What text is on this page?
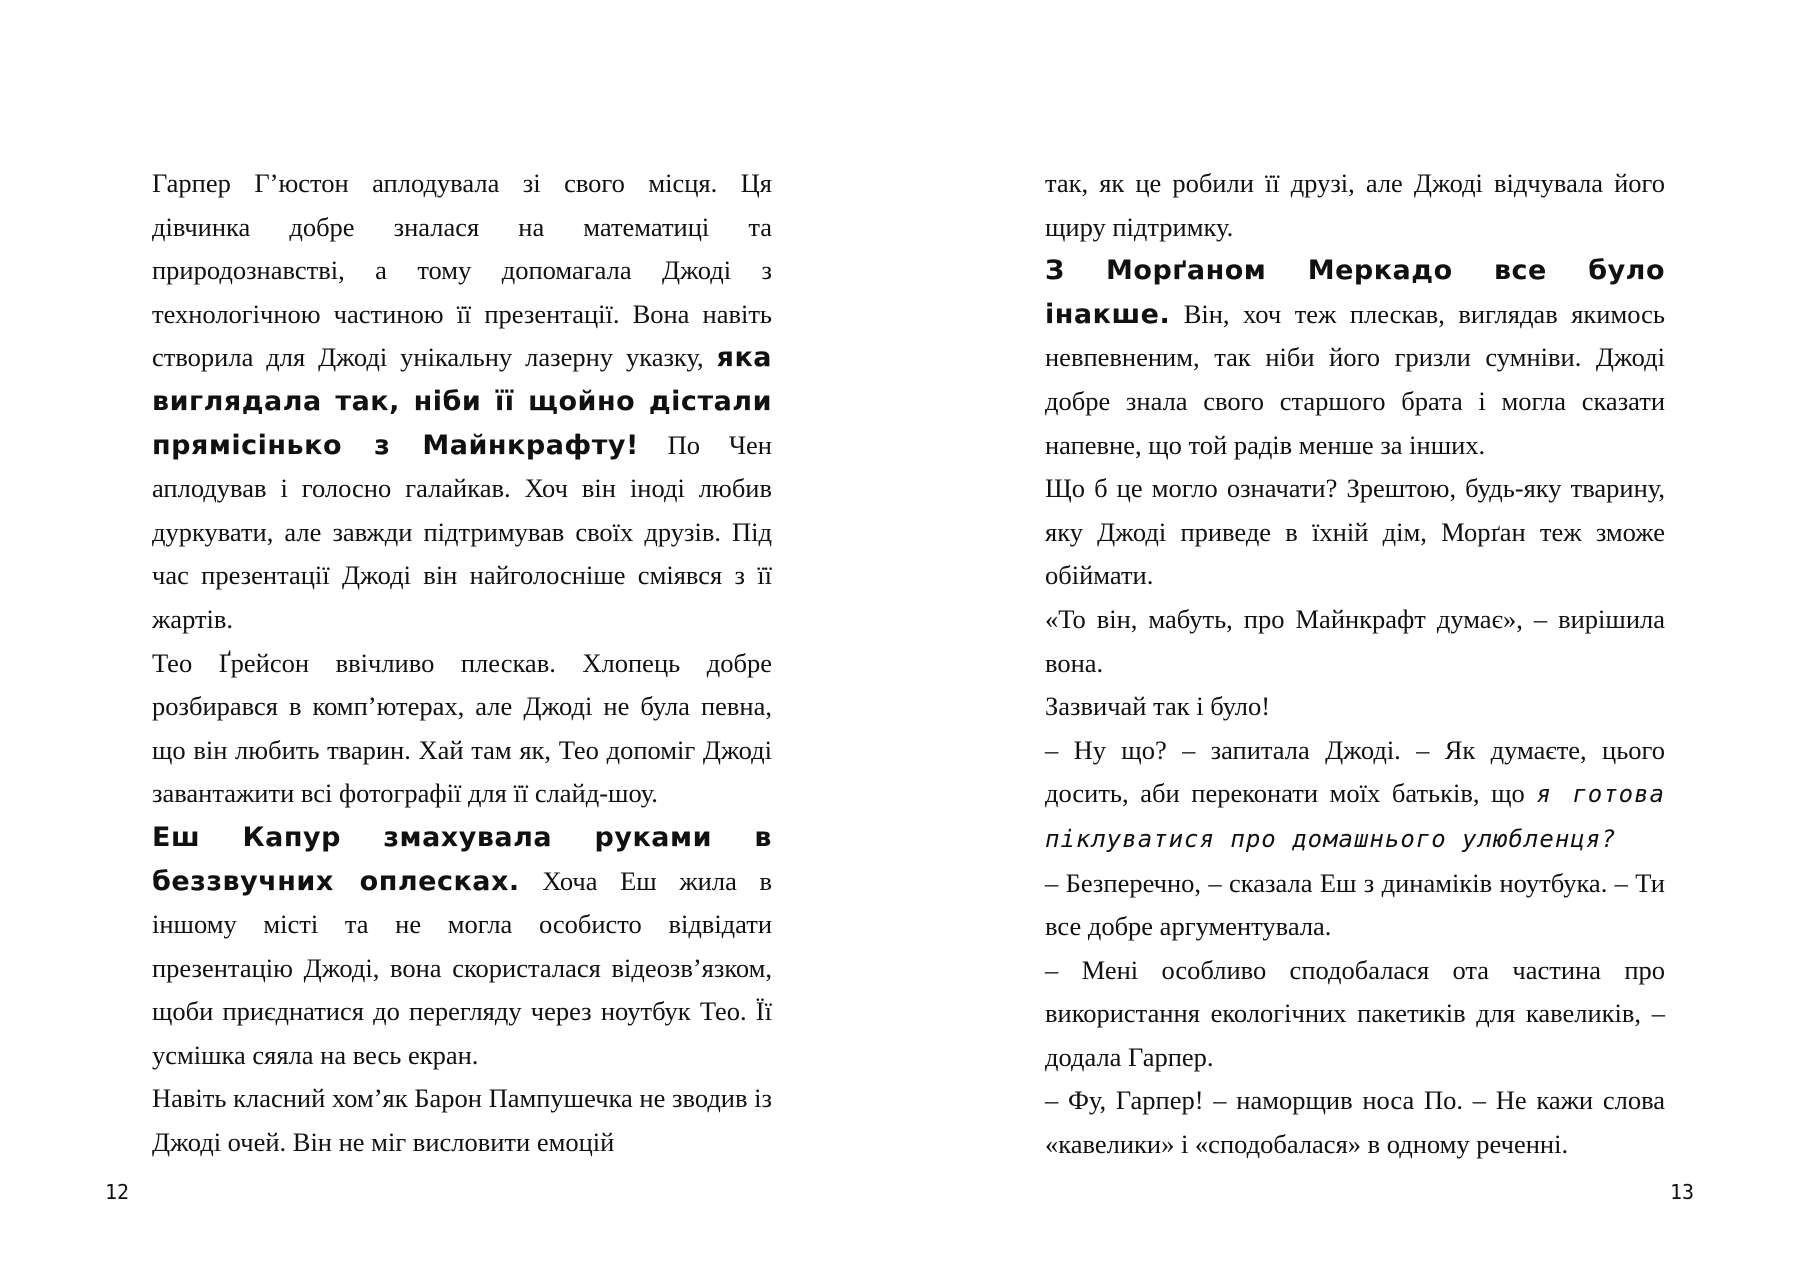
Гарпер Гʼюстон аплодувала зі свого місця. Ця дівчинка добре зналася на математиці та природознавстві, а тому допомагала Джоді з технологічною частиною її презентації. Вона навіть створила для Джоді унікальну лазерну указку, яка виглядала так, ніби її щойно дістали прямісінько з Майнкрафту! По Чен аплодував і голосно галайкав. Хоч він іноді любив дуркувати, але завжди підтримував своїх друзів. Під час презентації Джоді він найголосніше сміявся з її жартів.

Тео Ґрейсон ввічливо плескав. Хлопець добре розбирався в компʼютерах, але Джоді не була певна, що він любить тварин. Хай там як, Тео допоміг Джоді завантажити всі фотографії для її слайд-шоу.

Еш Капур змахувала руками в беззвучних оплесках. Хоча Еш жила в іншому місті та не могла особисто відвідати презентацію Джоді, вона скористалася відеозвʼязком, щоби приєднатися до перегляду через ноутбук Тео. Її усмішка сяяла на весь екран.

Навіть класний хомʼяк Барон Пампушечка не зводив із Джоді очей. Він не міг висловити емоцій

12

так, як це робили її друзі, але Джоді відчувала його щиру підтримку.

З Морґаном Меркадо все було інакше. Він, хоч теж плескав, виглядав якимось невпевненим, так ніби його гризли сумніви. Джоді добре знала свого старшого брата і могла сказати напевне, що той радів менше за інших.

Що б це могло означати? Зрештою, будь-яку тварину, яку Джоді приведе в їхній дім, Морґан теж зможе обіймати.

«То він, мабуть, про Майнкрафт думає», – вирішила вона.

Зазвичай так і було!

– Ну що? – запитала Джоді. – Як думаєте, цього досить, аби переконати моїх батьків, що я готова піклуватися про домашнього улюбленця?

– Безперечно, – сказала Еш з динаміків ноутбука. – Ти все добре аргументувала.

– Мені особливо сподобалася ота частина про використання екологічних пакетиків для кавеликів, – додала Гарпер.

– Фу, Гарпер! – наморщив носа По. – Не кажи слова «кавелики» і «сподобалася» в одному реченні.

13
